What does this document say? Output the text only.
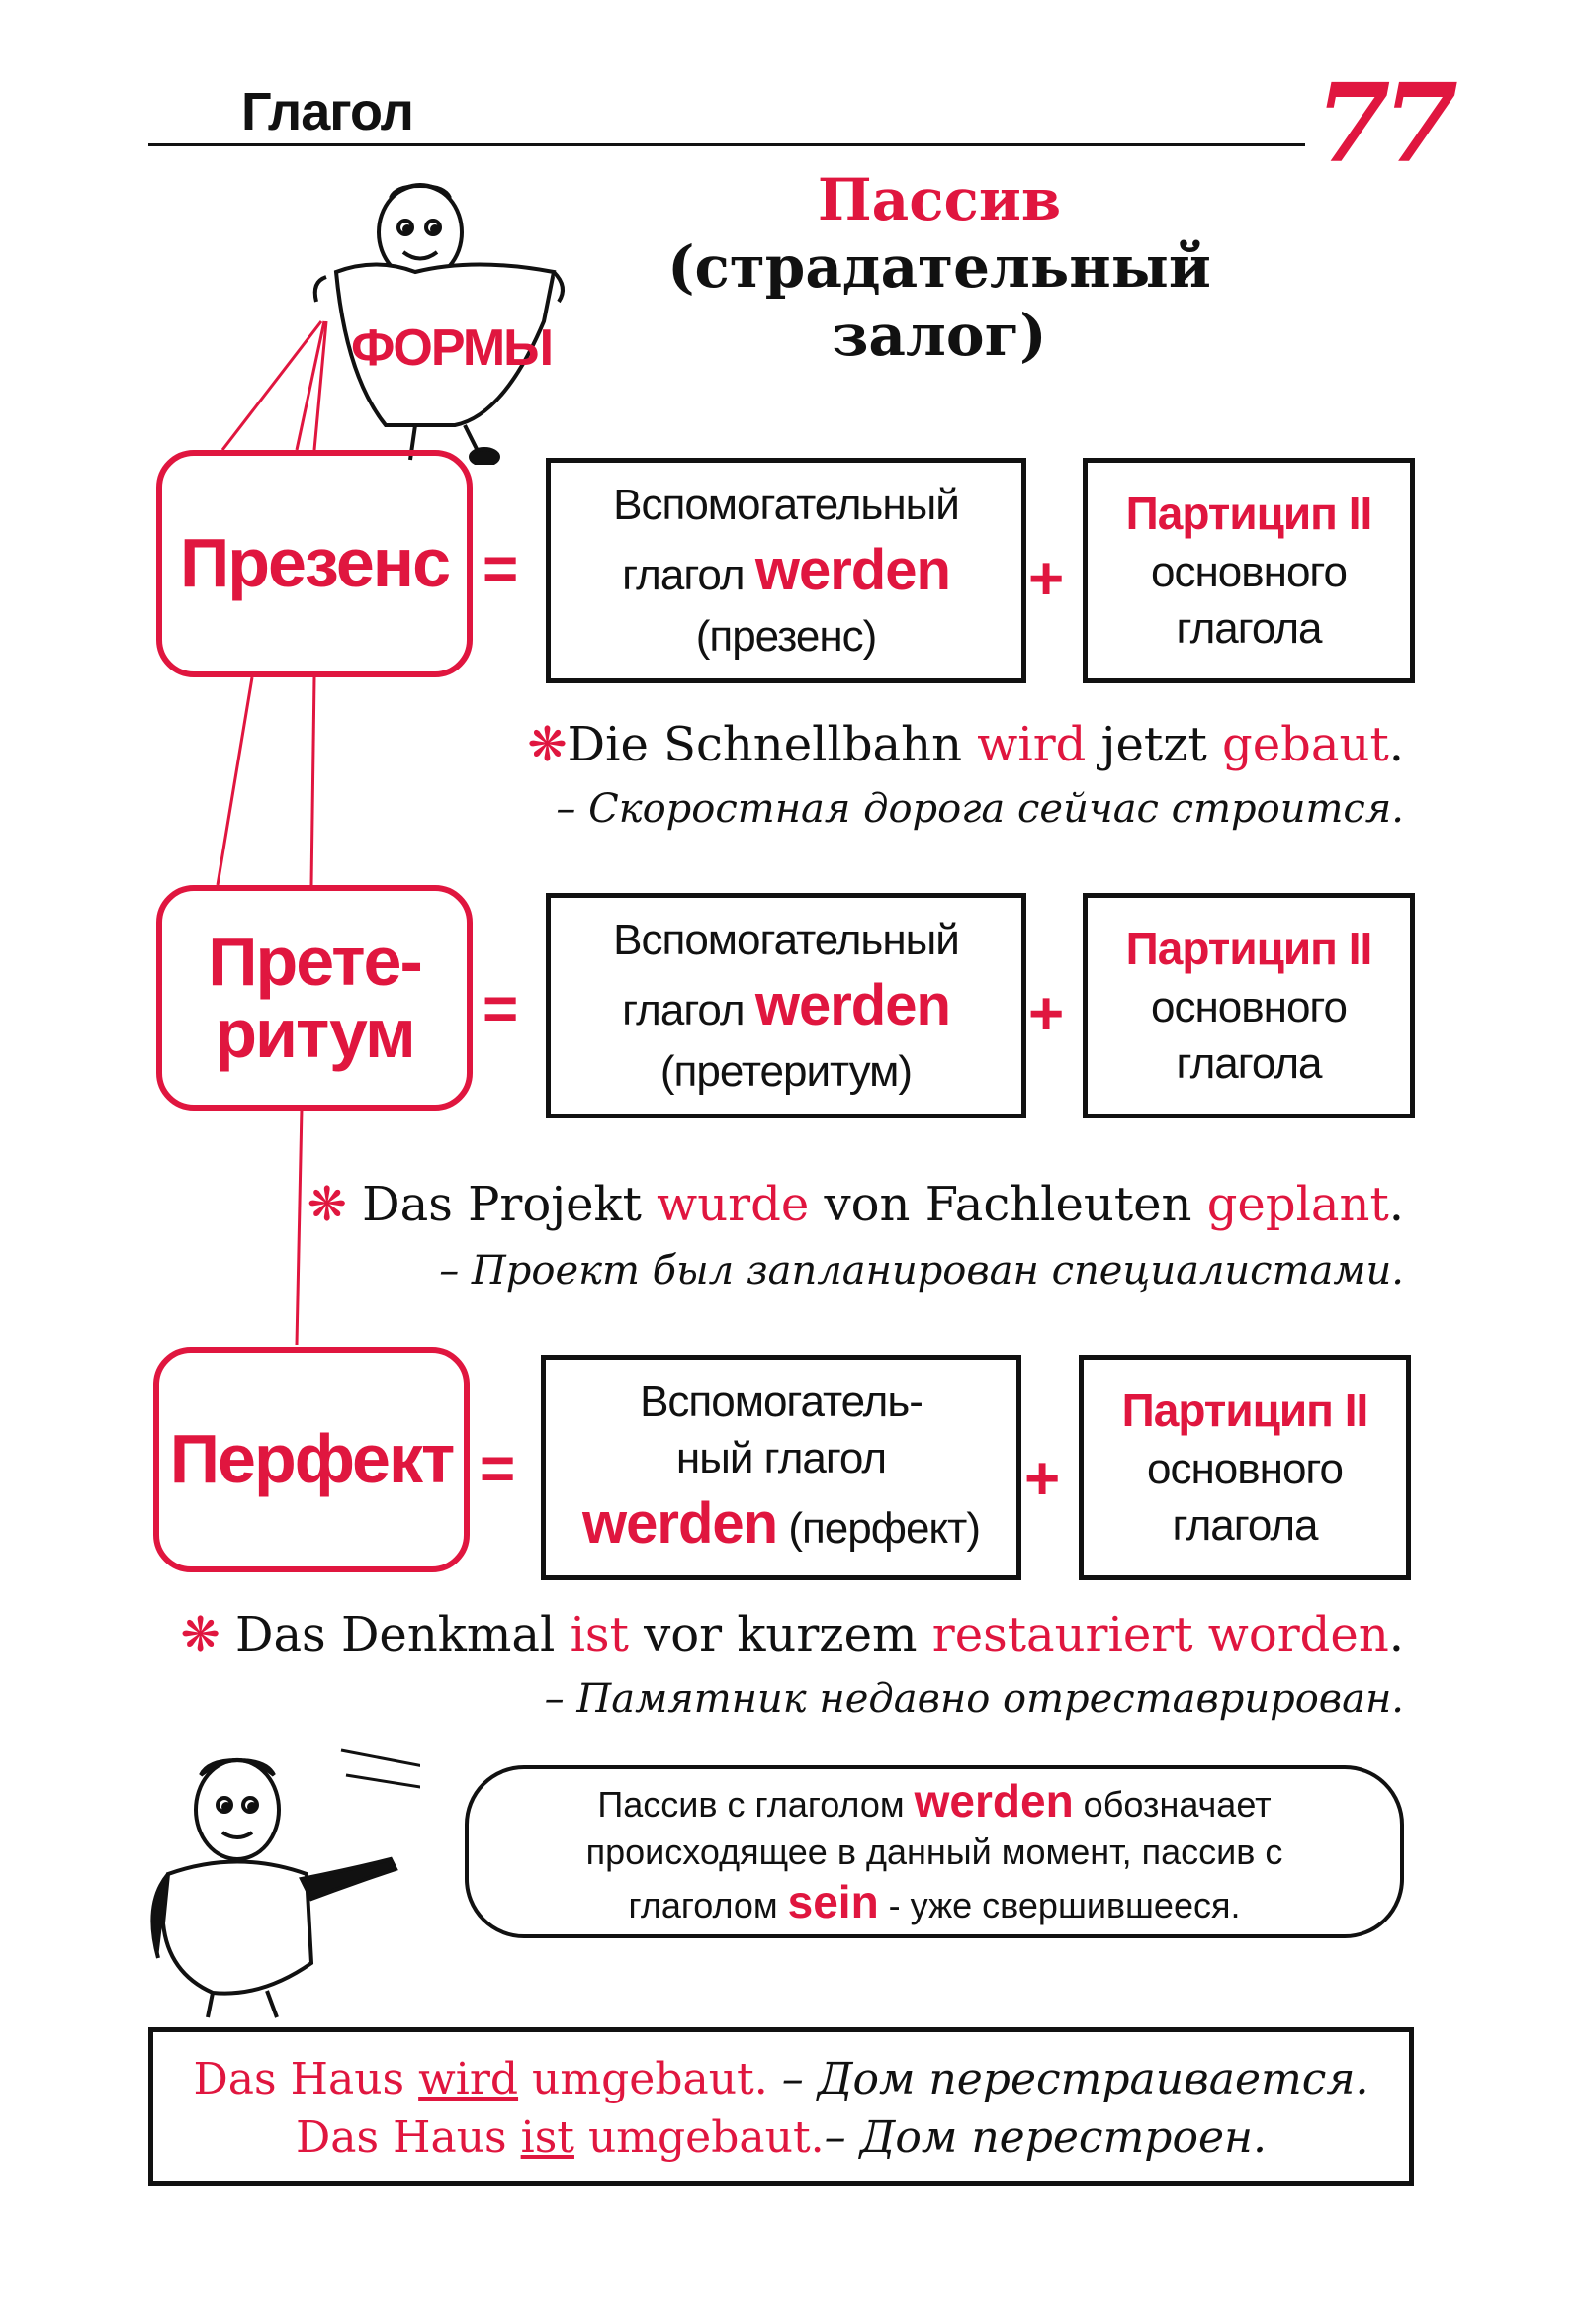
ФОРМЫ
Глагол	77
Пассив
(страдательный
залог)
Презенс =
Вспомогательный
глагол werden
(презенс)
+
Партицип II
основного
глагола
❋Die Schnellbahn wird jetzt gebaut.
– Скоростная дорога сейчас строится.
Прете-
ритум =
Вспомогательный
глагол werden
(претеритум)
+
Партицип II
основного
глагола
❋ Das Projekt wurde von Fachleuten geplant.
– Проект был запланирован специалистами.
Перфект =
Вспомогатель-
ный глагол
werden (перфект)
+
Партицип II
основного
глагола
❋ Das Denkmal ist vor kurzem restauriert worden.
– Памятник недавно отреставрирован.
Пассив с глаголом werden обозначает происходящее в данный момент, пассив с глаголом sein - уже свершившееся.
Das Haus wird umgebaut. – Дом перестраивается.
Das Haus ist umgebaut.– Дом перестроен.
